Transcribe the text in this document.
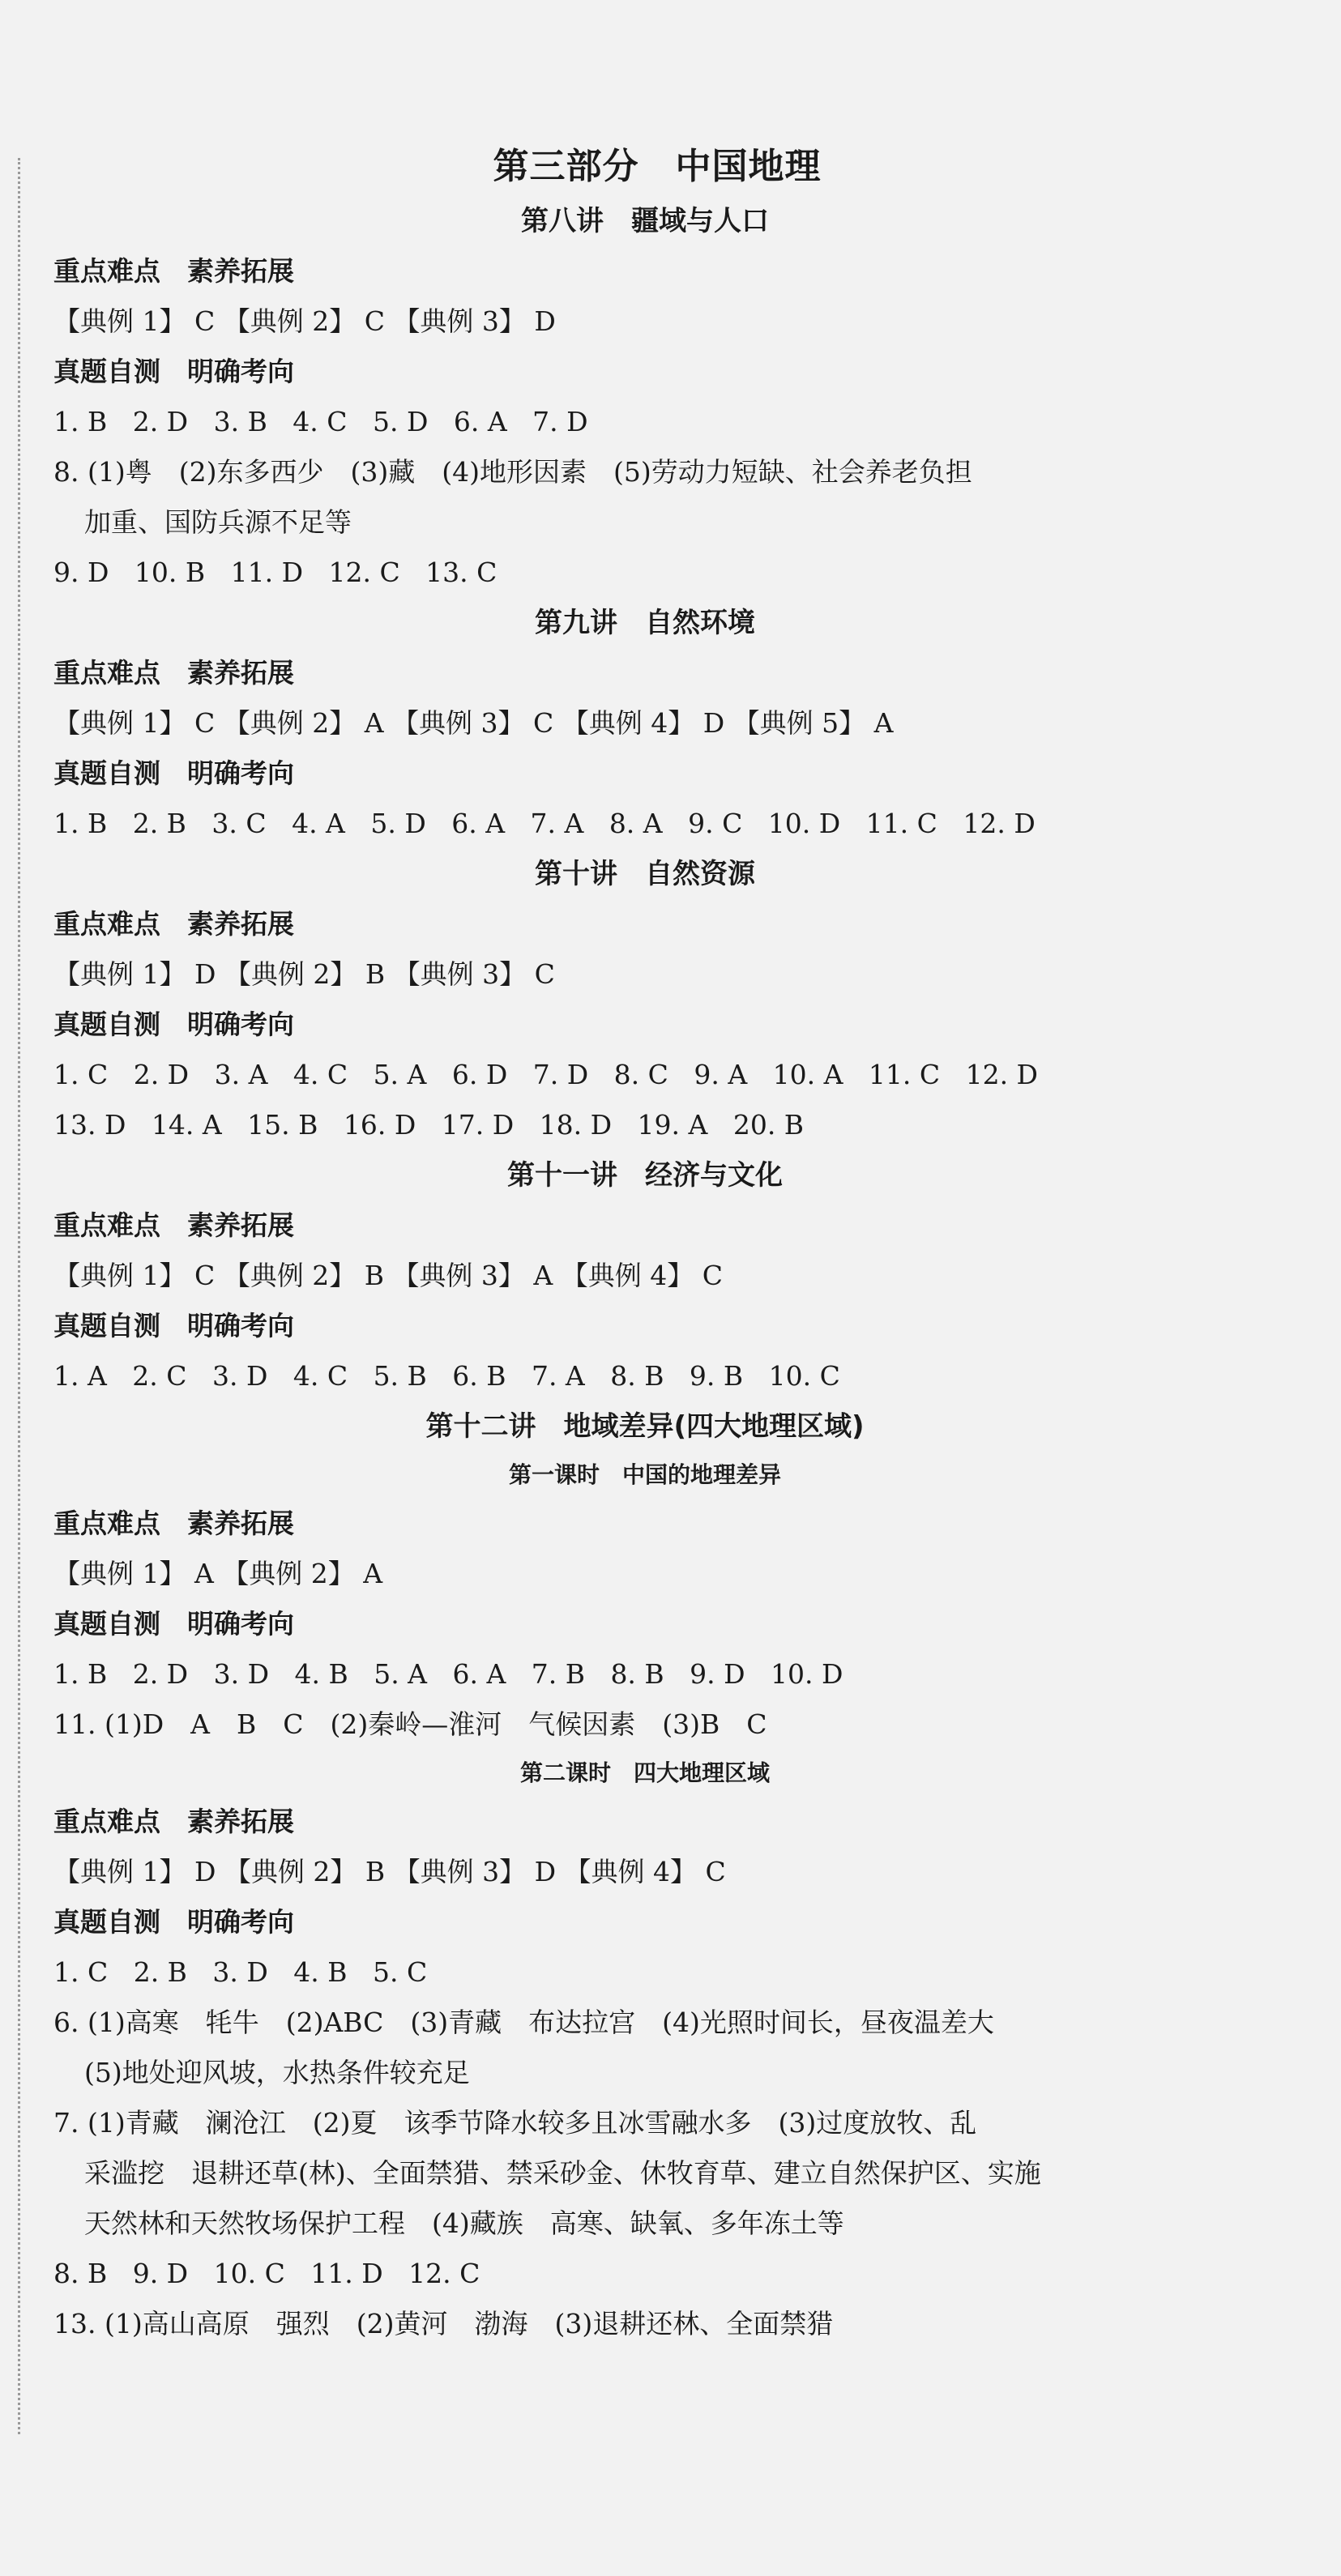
第三部分　中国地理
第八讲　疆域与人口
重点难点　素养拓展
【典例 1】 C 【典例 2】 C 【典例 3】 D
真题自测　明确考向
1. B   2. D   3. B   4. C   5. D   6. A   7. D
8. (1)粤　(2)东多西少　(3)藏　(4)地形因素　(5)劳动力短缺、社会养老负担
加重、国防兵源不足等
9. D   10. B   11. D   12. C   13. C
第九讲　自然环境
重点难点　素养拓展
【典例 1】 C 【典例 2】 A 【典例 3】 C 【典例 4】 D 【典例 5】 A
真题自测　明确考向
1. B   2. B   3. C   4. A   5. D   6. A   7. A   8. A   9. C   10. D   11. C   12. D
第十讲　自然资源
重点难点　素养拓展
【典例 1】 D 【典例 2】 B 【典例 3】 C
真题自测　明确考向
1. C   2. D   3. A   4. C   5. A   6. D   7. D   8. C   9. A   10. A   11. C   12. D
13. D   14. A   15. B   16. D   17. D   18. D   19. A   20. B
第十一讲　经济与文化
重点难点　素养拓展
【典例 1】 C 【典例 2】 B 【典例 3】 A 【典例 4】 C
真题自测　明确考向
1. A   2. C   3. D   4. C   5. B   6. B   7. A   8. B   9. B   10. C
第十二讲　地域差异(四大地理区域)
第一课时　中国的地理差异
重点难点　素养拓展
【典例 1】 A 【典例 2】 A
真题自测　明确考向
1. B   2. D   3. D   4. B   5. A   6. A   7. B   8. B   9. D   10. D
11. (1)D　A　B　C　(2)秦岭—淮河　气候因素　(3)B　C
第二课时　四大地理区域
重点难点　素养拓展
【典例 1】 D 【典例 2】 B 【典例 3】 D 【典例 4】 C
真题自测　明确考向
1. C   2. B   3. D   4. B   5. C
6. (1)高寒　牦牛　(2)ABC　(3)青藏　布达拉宫　(4)光照时间长，昼夜温差大
(5)地处迎风坡，水热条件较充足
7. (1)青藏　澜沧江　(2)夏　该季节降水较多且冰雪融水多　(3)过度放牧、乱
采滥挖　退耕还草(林)、全面禁猎、禁采砂金、休牧育草、建立自然保护区、实施
天然林和天然牧场保护工程　(4)藏族　高寒、缺氧、多年冻土等
8. B   9. D   10. C   11. D   12. C
13. (1)高山高原　强烈　(2)黄河　渤海　(3)退耕还林、全面禁猎
